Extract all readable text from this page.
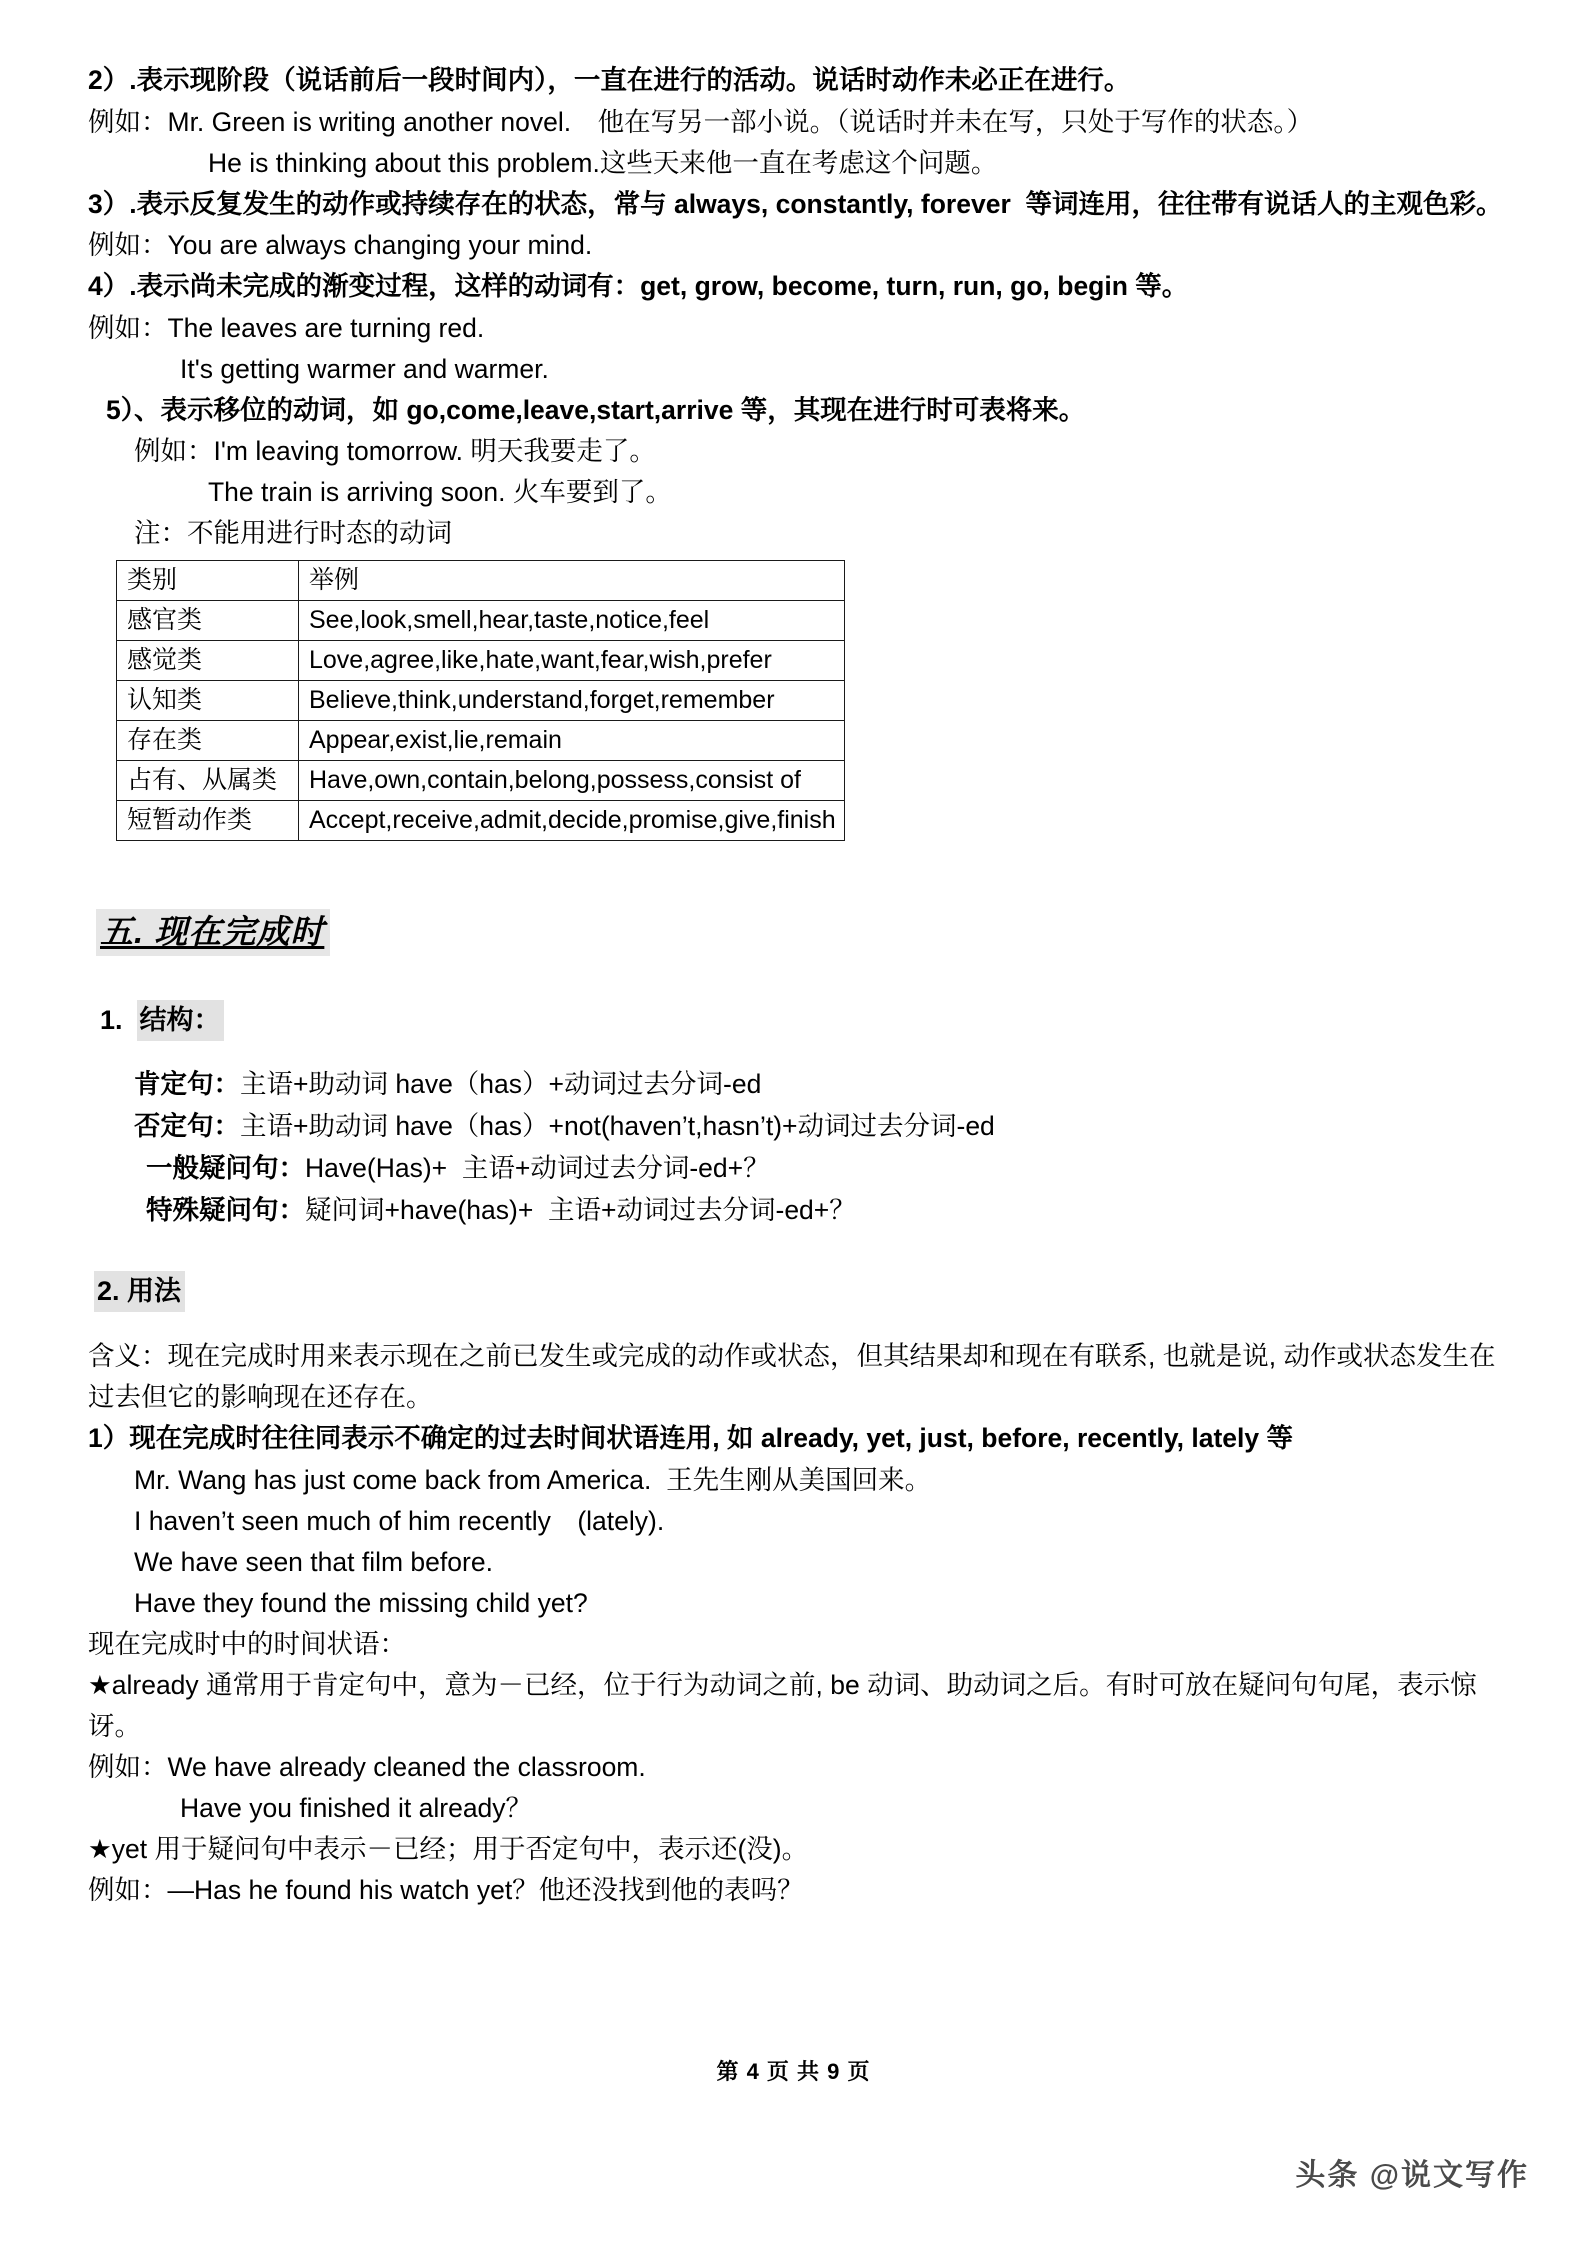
2）.表示现阶段（说话前后一段时间内），一直在进行的活动。说话时动作未必正在进行。
例如：Mr. Green is writing another novel.　他在写另一部小说。（说话时并未在写，只处于写作的状态。）
He is thinking about this problem.这些天来他一直在考虑这个问题。
3）.表示反复发生的动作或持续存在的状态，常与 always, constantly, forever  等词连用，往往带有说话人的主观色彩。
例如：You are always changing your mind.
4）.表示尚未完成的渐变过程，这样的动词有：get, grow, become, turn, run, go, begin 等。
例如：The leaves are turning red.
It's getting warmer and warmer.
5）、表示移位的动词，如 go,come,leave,start,arrive 等，其现在进行时可表将来。
例如：I'm leaving tomorrow. 明天我要走了。
The train is arriving soon. 火车要到了。
注：不能用进行时态的动词
类别	举例
感官类	See,look,smell,hear,taste,notice,feel
感觉类	Love,agree,like,hate,want,fear,wish,prefer
认知类	Believe,think,understand,forget,remember
存在类	Appear,exist,lie,remain
占有、从属类	Have,own,contain,belong,possess,consist of
短暂动作类	Accept,receive,admit,decide,promise,give,finish
五. 现在完成时
1. 结构：
肯定句：主语+助动词 have（has）+动词过去分词-ed
否定句：主语+助动词 have（has）+not(haven’t,hasn’t)+动词过去分词-ed
一般疑问句：Have(Has)+  主语+动词过去分词-ed+？
特殊疑问句：疑问词+have(has)+  主语+动词过去分词-ed+？
2. 用法
含义：现在完成时用来表示现在之前已发生或完成的动作或状态，但其结果却和现在有联系, 也就是说, 动作或状态发生在过去但它的影响现在还存在。
1）现在完成时往往同表示不确定的过去时间状语连用, 如 already, yet, just, before, recently, lately 等
Mr. Wang has just come back from America.  王先生刚从美国回来。
I haven’t seen much of him recently　(lately).
We have seen that film before.
Have they found the missing child yet?
现在完成时中的时间状语：
★already 通常用于肯定句中，意为－已经，位于行为动词之前, be 动词、助动词之后。有时可放在疑问句句尾，表示惊讶。
例如：We have already cleaned the classroom.
Have you finished it already？
★yet 用于疑问句中表示－已经；用于否定句中，表示还(没)。
例如：—Has he found his watch yet？他还没找到他的表吗？
第 4 页 共 9 页
头条 @说文写作
